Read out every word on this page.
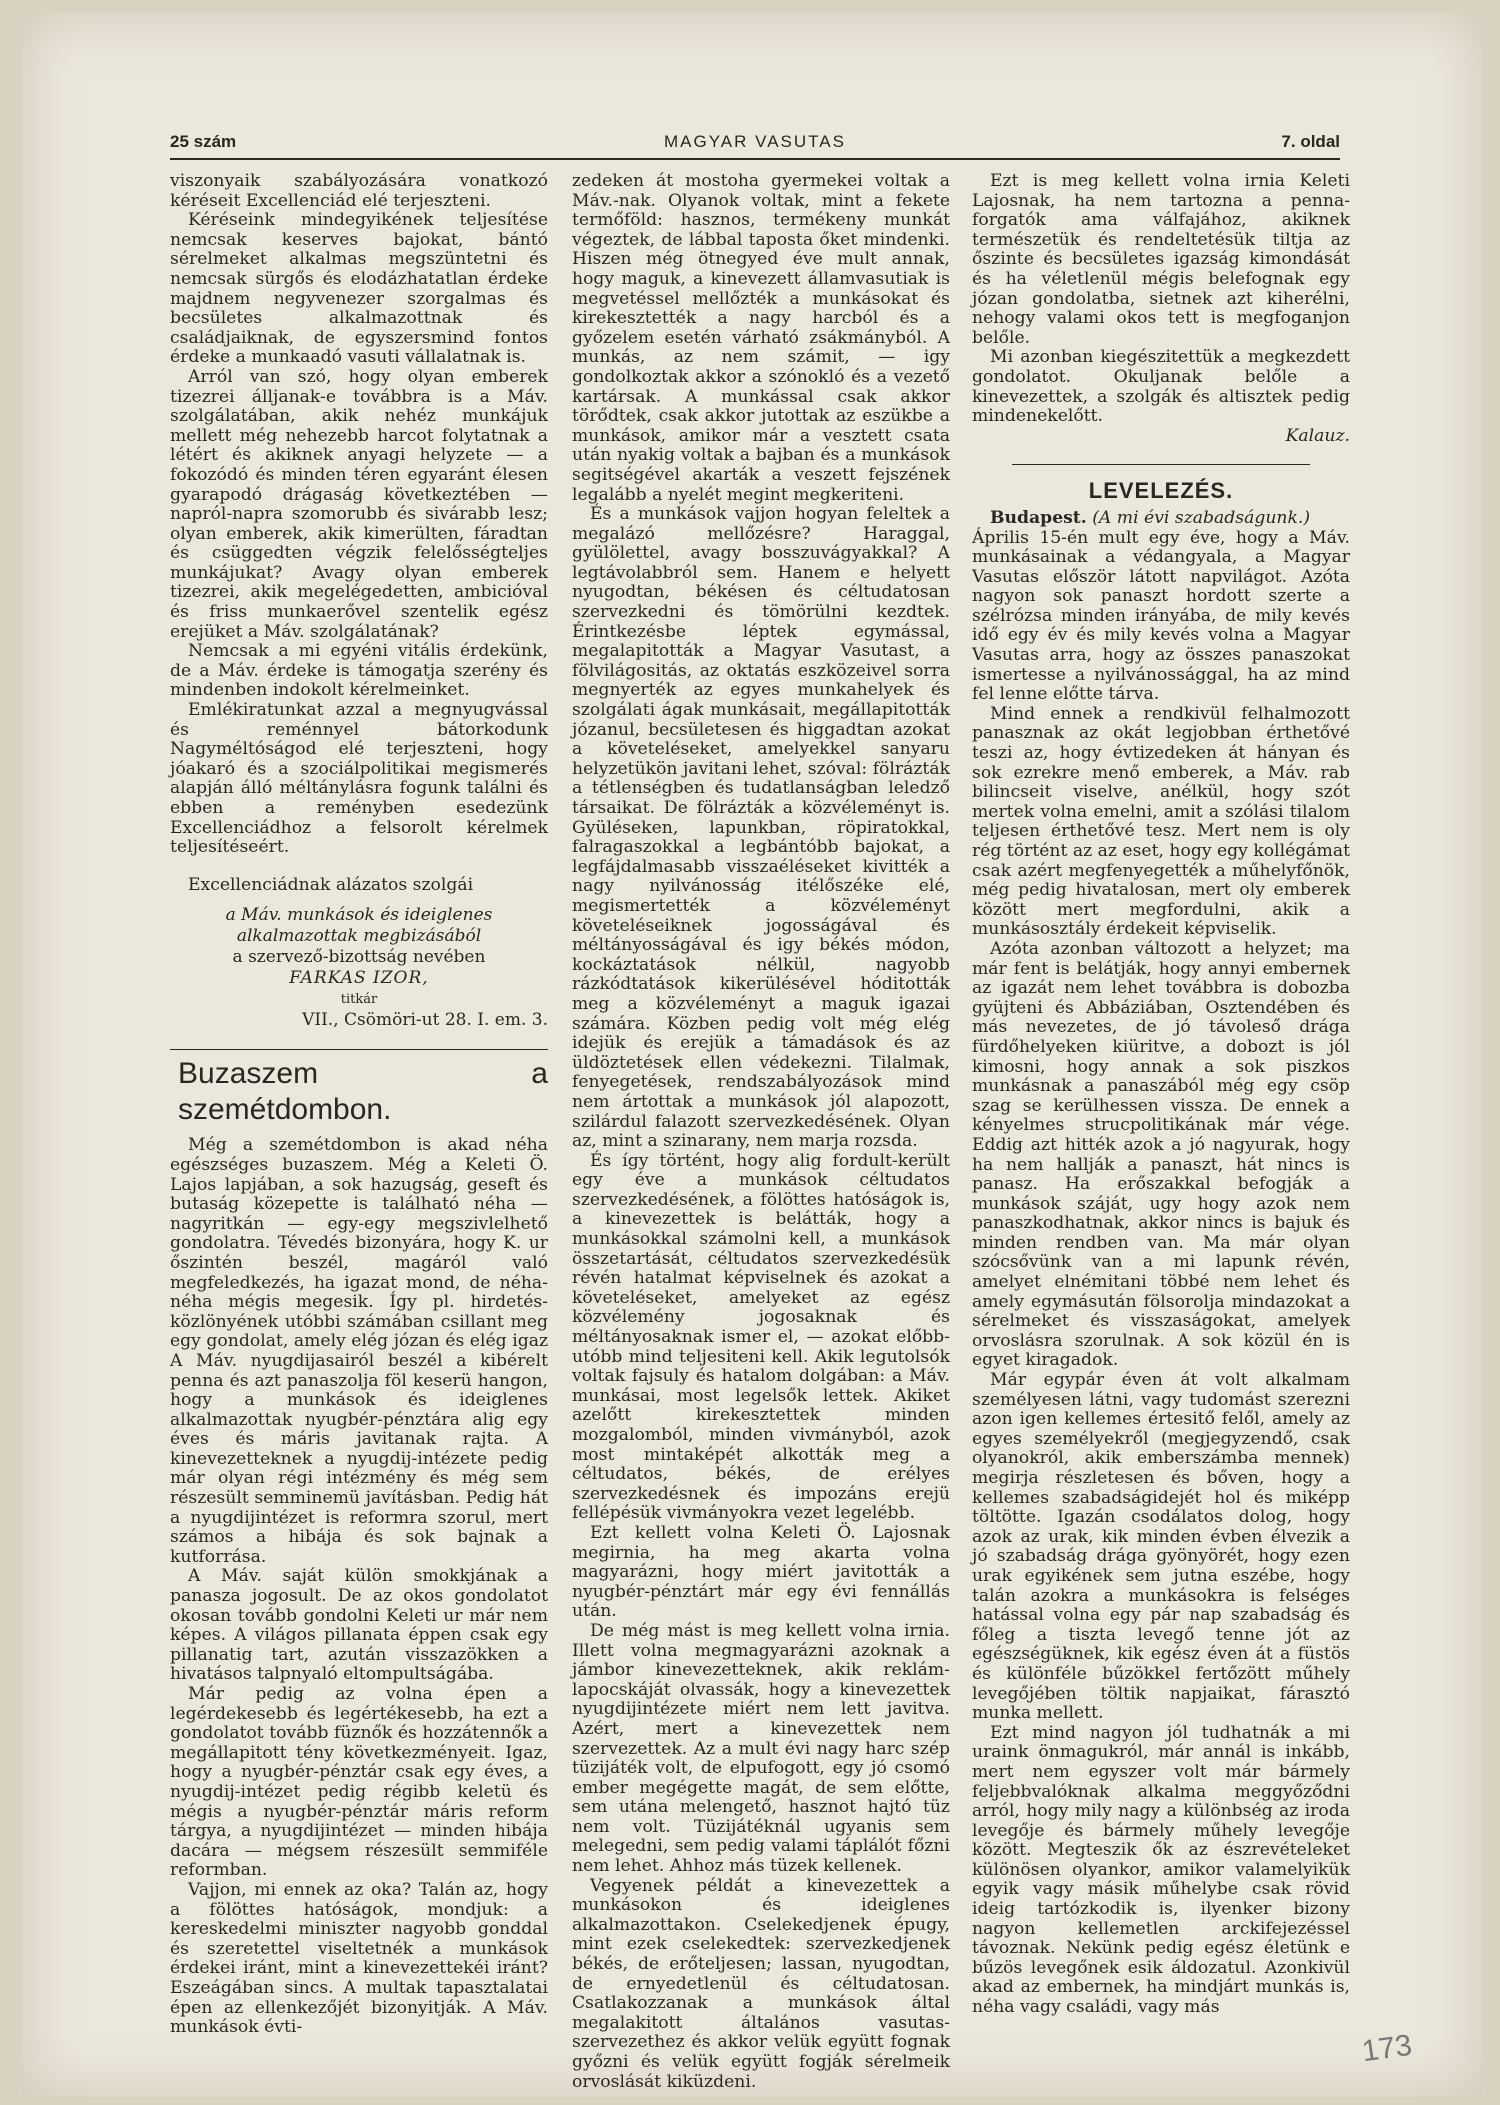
25 szám	MAGYAR VASUTAS	7. oldal

viszonyaik szabályozására vonatkozó kéréseit Excellenciád elé terjeszteni.

Kéréseink mindegyikének teljesítése nemcsak keserves bajokat, bántó sérelmeket alkalmas megszüntetni és nemcsak sürgős és elodázhatatlan érdeke majdnem negyvenezer szorgalmas és becsületes alkalmazottnak és családjaiknak, de egyszersmind fontos érdeke a munkaadó vasuti vállalatnak is.

Arról van szó, hogy olyan emberek tizezrei álljanak-e továbbra is a Máv. szolgálatában, akik nehéz munkájuk mellett még nehezebb harcot folytatnak a létért és akiknek anyagi helyzete — a fokozódó és minden téren egyaránt élesen gyarapodó drágaság következtében — napról-napra szomorubb és sivárabb lesz; olyan emberek, akik kimerülten, fáradtan és csüggedten végzik felelősségteljes munkájukat? Avagy olyan emberek tizezrei, akik megelégedetten, ambicióval és friss munkaerővel szentelik egész erejüket a Máv. szolgálatának?

Nemcsak a mi egyéni vitális érdekünk, de a Máv. érdeke is támogatja szerény és mindenben indokolt kérelmeinket.

Emlékiratunkat azzal a megnyugvással és reménnyel bátorkodunk Nagyméltóságod elé terjeszteni, hogy jóakaró és a szociálpolitikai megismerés alapján álló méltánylásra fogunk találni és ebben a reményben esedezünk Excellenciádhoz a felsorolt kérelmek teljesítéseért.

Excellenciádnak alázatos szolgái

a Máv. munkások és ideiglenes alkalmazottak megbizásából
a szervező-bizottság nevében
FARKAS IZOR,
titkár
VII., Csömöri-ut 28. I. em. 3.
Buzaszem a szemétdombon.

Még a szemétdombon is akad néha egészséges buzaszem. Még a Keleti Ö. Lajos lapjában, a sok hazugság, geseft és butaság közepette is található néha — nagyritkán — egy-egy megszivlelhető gondolatra. Tévedés bizonyára, hogy K. ur őszintén beszél, magáról való megfeledkezés, ha igazat mond, de néha-néha mégis megesik. Így pl. hirdetés-közlönyének utóbbi számában csillant meg egy gondolat, amely elég józan és elég igaz A Máv. nyugdijasairól beszél a kibérelt penna és azt panaszolja föl keserü hangon, hogy a munkások és ideiglenes alkalmazottak nyugbér-pénztára alig egy éves és máris javitanak rajta. A kinevezetteknek a nyugdij-intézete pedig már olyan régi intézmény és még sem részesült semminemü javításban. Pedig hát a nyugdijintézet is reformra szorul, mert számos a hibája és sok bajnak a kutforrása.

A Máv. saját külön smokkjának a panasza jogosult. De az okos gondolatot okosan tovább gondolni Keleti ur már nem képes. A világos pillanata éppen csak egy pillanatig tart, azután visszazökken a hivatásos talpnyaló eltompultságába.

Már pedig az volna épen a legérdekesebb és legértékesebb, ha ezt a gondolatot tovább füznők és hozzátennők a megállapitott tény következményeit. Igaz, hogy a nyugbér-pénztár csak egy éves, a nyugdij-intézet pedig régibb keletü és mégis a nyugbér-pénztár máris reform tárgya, a nyugdijintézet — minden hibája dacára — mégsem részesült semmiféle reformban.

Vajjon, mi ennek az oka? Talán az, hogy a fölöttes hatóságok, mondjuk: a kereskedelmi miniszter nagyobb gonddal és szeretettel viseltetnék a munkások érdekei iránt, mint a kinevezettekéi iránt? Eszeágában sincs. A multak tapasztalatai épen az ellenkezőjét bizonyitják. A Máv. munkások évti-

zedeken át mostoha gyermekei voltak a Máv.-nak. Olyanok voltak, mint a fekete termőföld: hasznos, termékeny munkát végeztek, de lábbal taposta őket mindenki. Hiszen még ötnegyed éve mult annak, hogy maguk, a kinevezett államvasutiak is megvetéssel mellőzték a munkásokat és kirekesztették a nagy harcból és a győzelem esetén várható zsákmányból. A munkás, az nem számit, — igy gondolkoztak akkor a szónokló és a vezető kartársak. A munkással csak akkor törődtek, csak akkor jutottak az eszükbe a munkások, amikor már a vesztett csata után nyakig voltak a bajban és a munkások segitségével akarták a veszett fejszének legalább a nyelét megint megkeriteni.

És a munkások vajjon hogyan feleltek a megalázó mellőzésre? Haraggal, gyülölettel, avagy bosszuvágyakkal? A legtávolabbról sem. Hanem e helyett nyugodtan, békésen és céltudatosan szervezkedni és tömörülni kezdtek. Érintkezésbe léptek egymással, megalapitották a Magyar Vasutast, a fölvilágositás, az oktatás eszközeivel sorra megnyerték az egyes munkahelyek és szolgálati ágak munkásait, megállapitották józanul, becsületesen és higgadtan azokat a követeléseket, amelyekkel sanyaru helyzetükön javitani lehet, szóval: fölrázták a tétlenségben és tudatlanságban leledző társaikat. De fölrázták a közvéleményt is. Gyüléseken, lapunkban, röpiratokkal, falragaszokkal a legbántóbb bajokat, a legfájdalmasabb visszaéléseket kivitték a nagy nyilvánosság itélőszéke elé, megismertették a közvéleményt követeléseiknek jogosságával és méltányosságával és igy békés módon, kockáztatások nélkül, nagyobb rázkódtatások kikerülésével hóditották meg a közvéleményt a maguk igazai számára. Közben pedig volt még elég idejük és erejük a támadások és az üldöztetések ellen védekezni. Tilalmak, fenyegetések, rendszabályozások mind nem ártottak a munkások jól alapozott, szilárdul falazott szervezkedésének. Olyan az, mint a szinarany, nem marja rozsda.

És így történt, hogy alig fordult-került egy éve a munkások céltudatos szervezkedésének, a fölöttes hatóságok is, a kinevezettek is belátták, hogy a munkásokkal számolni kell, a munkások összetartását, céltudatos szervezkedésük révén hatalmat képviselnek és azokat a követeléseket, amelyeket az egész közvélemény jogosaknak és méltányosaknak ismer el, — azokat előbb-utóbb mind teljesiteni kell. Akik legutolsók voltak fajsuly és hatalom dolgában: a Máv. munkásai, most legelsők lettek. Akiket azelőtt kirekesztettek minden mozgalomból, minden vivmányból, azok most mintaképét alkották meg a céltudatos, békés, de erélyes szervezkedésnek és impozáns erejü fellépésük vivmányokra vezet legelébb.

Ezt kellett volna Keleti Ö. Lajosnak megirnia, ha meg akarta volna magyarázni, hogy miért javitották a nyugbér-pénztárt már egy évi fennállás után.

De még mást is meg kellett volna irnia. Illett volna megmagyarázni azoknak a jámbor kinevezetteknek, akik reklám-lapocskáját olvassák, hogy a kinevezettek nyugdijintézete miért nem lett javitva. Azért, mert a kinevezettek nem szervezettek. Az a mult évi nagy harc szép tüzijáték volt, de elpufogott, egy jó csomó ember megégette magát, de sem előtte, sem utána melengető, hasznot hajtó tüz nem volt. Tüzijátéknál ugyanis sem melegedni, sem pedig valami táplálót főzni nem lehet. Ahhoz más tüzek kellenek.

Vegyenek példát a kinevezettek a munkásokon és ideiglenes alkalmazottakon. Cselekedjenek épugy, mint ezek cselekedtek: szervezkedjenek békés, de erőteljesen; lassan, nyugodtan, de ernyedetlenül és céltudatosan. Csatlakozzanak a munkások által megalakitott általános vasutas-szervezethez és akkor velük együtt fognak győzni és velük együtt fogják sérelmeik orvoslását kiküzdeni.

Ezt is meg kellett volna irnia Keleti Lajosnak, ha nem tartozna a penna-forgatók ama válfajához, akiknek természetük és rendeltetésük tiltja az őszinte és becsületes igazság kimondását és ha véletlenül mégis belefognak egy józan gondolatba, sietnek azt kiherélni, nehogy valami okos tett is megfoganjon belőle.

Mi azonban kiegészitettük a megkezdett gondolatot. Okuljanak belőle a kinevezettek, a szolgák és altisztek pedig mindenekelőtt.

Kalauz.
LEVELEZÉS.

Budapest. (A mi évi szabadságunk.)

Április 15-én mult egy éve, hogy a Máv. munkásainak a védangyala, a Magyar Vasutas először látott napvilágot. Azóta nagyon sok panaszt hordott szerte a szélrózsa minden irányába, de mily kevés idő egy év és mily kevés volna a Magyar Vasutas arra, hogy az összes panaszokat ismertesse a nyilvánossággal, ha az mind fel lenne előtte tárva.

Mind ennek a rendkivül felhalmozott panasznak az okát legjobban érthetővé teszi az, hogy évtizedeken át hányan és sok ezrekre menő emberek, a Máv. rab bilincseit viselve, anélkül, hogy szót mertek volna emelni, amit a szólási tilalom teljesen érthetővé tesz. Mert nem is oly rég történt az az eset, hogy egy kollégámat csak azért megfenyegették a műhelyfőnök, még pedig hivatalosan, mert oly emberek között mert megfordulni, akik a munkásosztály érdekeit képviselik.

Azóta azonban változott a helyzet; ma már fent is belátják, hogy annyi embernek az igazát nem lehet továbbra is dobozba gyüjteni és Abbáziában, Osztendében és más nevezetes, de jó távoleső drága fürdőhelyeken kiüritve, a dobozt is jól kimosni, hogy annak a sok piszkos munkásnak a panaszából még egy csöp szag se kerülhessen vissza. De ennek a kényelmes strucpolitikának már vége. Eddig azt hitték azok a jó nagyurak, hogy ha nem hallják a panaszt, hát nincs is panasz. Ha erőszakkal befogják a munkások száját, ugy hogy azok nem panaszkodhatnak, akkor nincs is bajuk és minden rendben van. Ma már olyan szócsővünk van a mi lapunk révén, amelyet elnémitani többé nem lehet és amely egymásután fölsorolja mindazokat a sérelmeket és visszaságokat, amelyek orvoslásra szorulnak. A sok közül én is egyet kiragadok.

Már egypár éven át volt alkalmam személyesen látni, vagy tudomást szerezni azon igen kellemes értesitő felől, amely az egyes személyekről (megjegyzendő, csak olyanokról, akik emberszámba mennek) megirja részletesen és bőven, hogy a kellemes szabadságidejét hol és miképp töltötte. Igazán csodálatos dolog, hogy azok az urak, kik minden évben élvezik a jó szabadság drága gyönyörét, hogy ezen urak egyikének sem jutna eszébe, hogy talán azokra a munkásokra is felséges hatással volna egy pár nap szabadság és főleg a tiszta levegő tenne jót az egészségüknek, kik egész éven át a füstös és különféle bűzökkel fertőzött műhely levegőjében töltik napjaikat, fárasztó munka mellett.

Ezt mind nagyon jól tudhatnák a mi uraink önmagukról, már annál is inkább, mert nem egyszer volt már bármely feljebbvalóknak alkalma meggyőződni arról, hogy mily nagy a különbség az iroda levegője és bármely műhely levegője között. Megteszik ők az észrevételeket különösen olyankor, amikor valamelyikük egyik vagy másik műhelybe csak rövid ideig tartózkodik is, ilyenker bizony nagyon kellemetlen arckifejezéssel távoznak. Nekünk pedig egész életünk e bűzös levegőnek esik áldozatul. Azonkivül akad az embernek, ha mindjárt munkás is, néha vagy családi, vagy más

173
